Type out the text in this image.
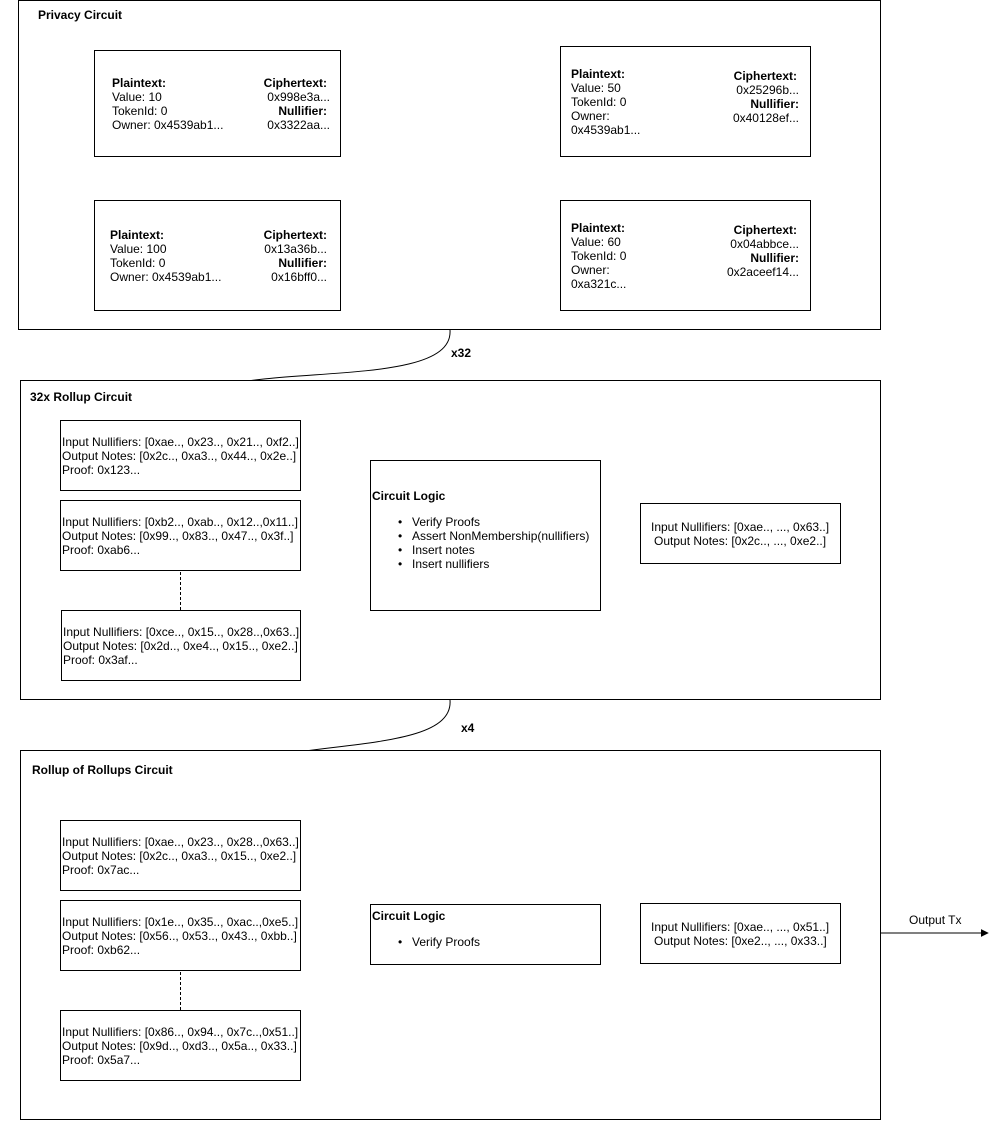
Privacy Circuit
Plaintext:
Value: 10
TokenId: 0
Owner: 0x4539ab1...
Ciphertext:
0x998e3a...
Nullifier:
0x3322aa...
Plaintext:
Value: 100
TokenId: 0
Owner: 0x4539ab1...
Ciphertext:
0x13a36b...
Nullifier:
0x16bff0...
Plaintext:
Value: 50
TokenId: 0
Owner:
0x4539ab1...
Ciphertext:
0x25296b...
Nullifier:
0x40128ef...
Plaintext:
Value: 60
TokenId: 0
Owner:
0xa321c...
Ciphertext:
0x04abbce...
Nullifier:
0x2aceef14...
x32
32x Rollup Circuit
Input Nullifiers: [0xae.., 0x23.., 0x21.., 0xf2..]
Output Notes: [0x2c.., 0xa3.., 0x44.., 0x2e..]
Proof: 0x123...
Input Nullifiers: [0xb2.., 0xab.., 0x12..,0x11..]
Output Notes: [0x99.., 0x83.., 0x47.., 0x3f..]
Proof: 0xab6...
Input Nullifiers: [0xce.., 0x15.., 0x28..,0x63..]
Output Notes: [0x2d.., 0xe4.., 0x15.., 0xe2..]
Proof: 0x3af...
Circuit Logic
• Verify Proofs
• Assert NonMembership(nullifiers)
• Insert notes
• Insert nullifiers
Input Nullifiers: [0xae.., ..., 0x63..]
Output Notes: [0x2c.., ..., 0xe2..]
x4
Rollup of Rollups Circuit
Input Nullifiers: [0xae.., 0x23.., 0x28..,0x63..]
Output Notes: [0x2c.., 0xa3.., 0x15.., 0xe2..]
Proof: 0x7ac...
Input Nullifiers: [0x1e.., 0x35.., 0xac..,0xe5..]
Output Notes: [0x56.., 0x53.., 0x43.., 0xbb..]
Proof: 0xb62...
Input Nullifiers: [0x86.., 0x94.., 0x7c..,0x51..]
Output Notes: [0x9d.., 0xd3.., 0x5a.., 0x33..]
Proof: 0x5a7...
Circuit Logic
• Verify Proofs
Input Nullifiers: [0xae.., ..., 0x51..]
Output Notes: [0xe2.., ..., 0x33..]
Output Tx
